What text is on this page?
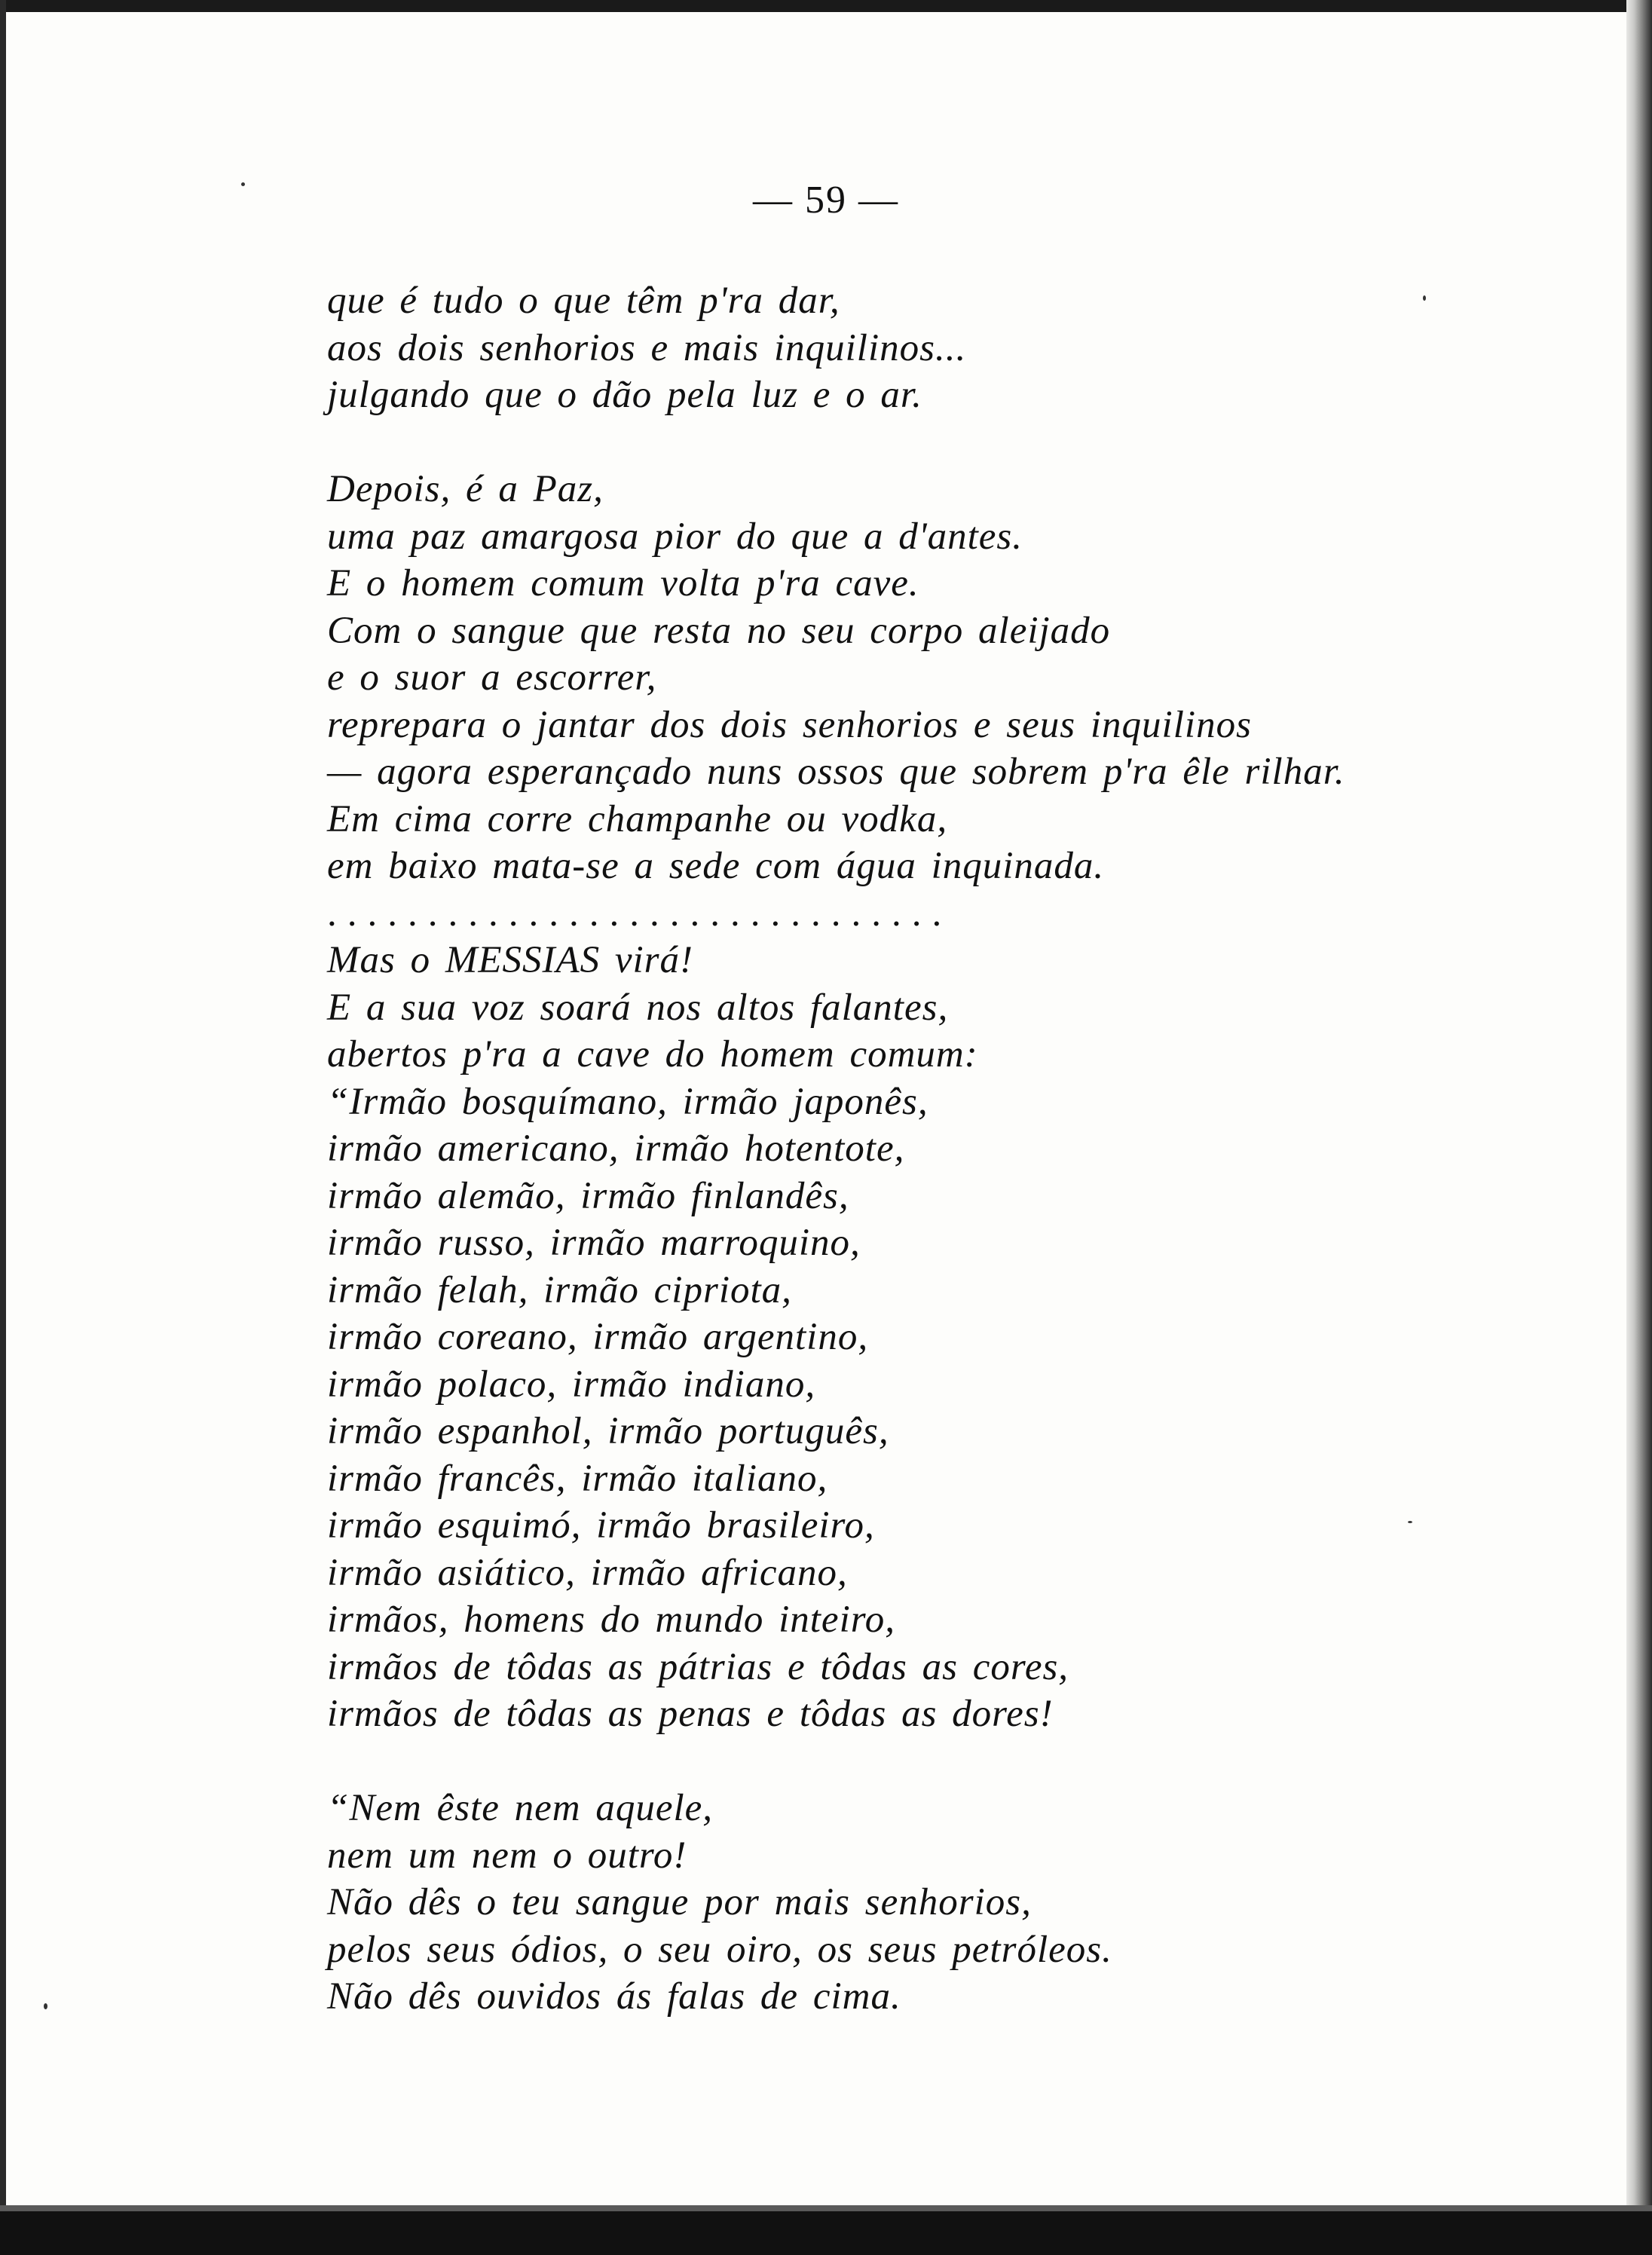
— 59 —
que é tudo o que têm p'ra dar,
aos dois senhorios e mais inquilinos...
julgando que o dão pela luz e o ar.
Depois, é a Paz,
uma paz amargosa pior do que a d'antes.
E o homem comum volta p'ra cave.
Com o sangue que resta no seu corpo aleijado
e o suor a escorrer,
reprepara o jantar dos dois senhorios e seus inquilinos
— agora esperançado nuns ossos que sobrem p'ra êle rilhar.
Em cima corre champanhe ou vodka,
em baixo mata-se a sede com água inquinada.
...............................
Mas o MESSIAS virá!
E a sua voz soará nos altos falantes,
abertos p'ra a cave do homem comum:
“Irmão bosquímano, irmão japonês,
irmão americano, irmão hotentote,
irmão alemão, irmão finlandês,
irmão russo, irmão marroquino,
irmão felah, irmão cipriota,
irmão coreano, irmão argentino,
irmão polaco, irmão indiano,
irmão espanhol, irmão português,
irmão francês, irmão italiano,
irmão esquimó, irmão brasileiro,
irmão asiático, irmão africano,
irmãos, homens do mundo inteiro,
irmãos de tôdas as pátrias e tôdas as cores,
irmãos de tôdas as penas e tôdas as dores!
“Nem êste nem aquele,
nem um nem o outro!
Não dês o teu sangue por mais senhorios,
pelos seus ódios, o seu oiro, os seus petróleos.
Não dês ouvidos ás falas de cima.
